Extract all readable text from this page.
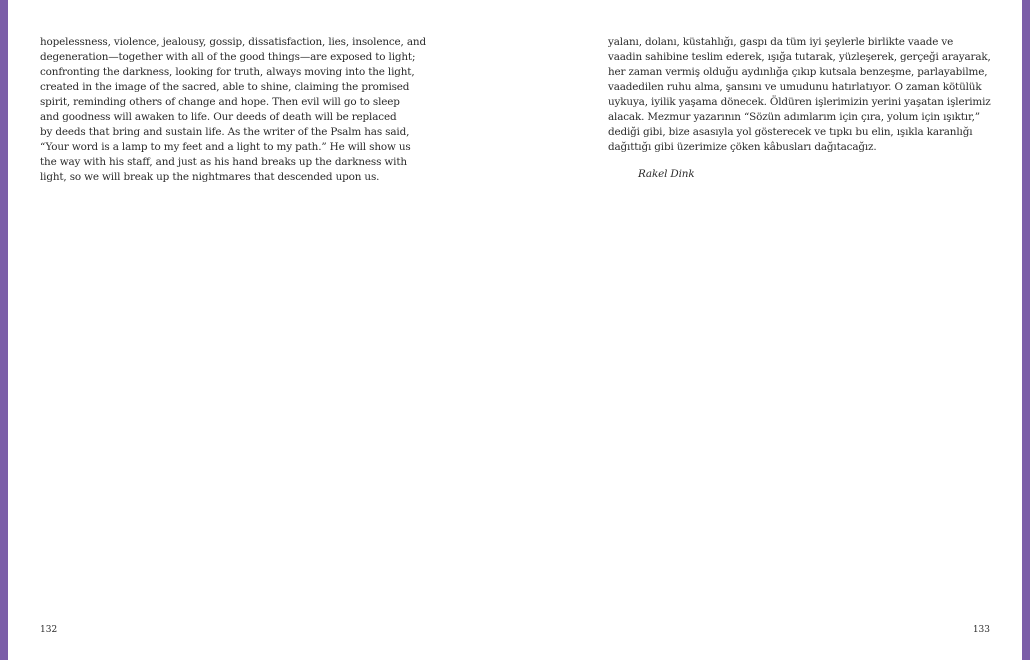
hopelessness, violence, jealousy, gossip, dissatisfaction, lies, insolence, and
degeneration—together with all of the good things—are exposed to light;
confronting the darkness, looking for truth, always moving into the light,
created in the image of the sacred, able to shine, claiming the promised
spirit, reminding others of change and hope. Then evil will go to sleep
and goodness will awaken to life. Our deeds of death will be replaced
by deeds that bring and sustain life. As the writer of the Psalm has said,
“Your word is a lamp to my feet and a light to my path.” He will show us
the way with his staff, and just as his hand breaks up the darkness with
light, so we will break up the nightmares that descended upon us.
132
yalanı, dolanı, küstahlığı, gaspı da tüm iyi şeylerle birlikte vaade ve
vaadin sahibine teslim ederek, ışığa tutarak, yüzleşerek, gerçeği arayarak,
her zaman vermiş olduğu aydınlığa çıkıp kutsala benzeşme, parlayabilme,
vaadedilen ruhu alma, şansını ve umudunu hatırlatıyor. O zaman kötülük
uykuya, iyilik yaşama dönecek. Öldüren işlerimizin yerini yaşatan işlerimiz
alacak. Mezmur yazarının “Sözün adımlarım için çıra, yolum için ışıktır,”
dediği gibi, bize asasıyla yol gösterecek ve tıpkı bu elin, ışıkla karanlığı
dağıttığı gibi üzerimize çöken kâbusları dağıtacağız.
Rakel Dink
133
